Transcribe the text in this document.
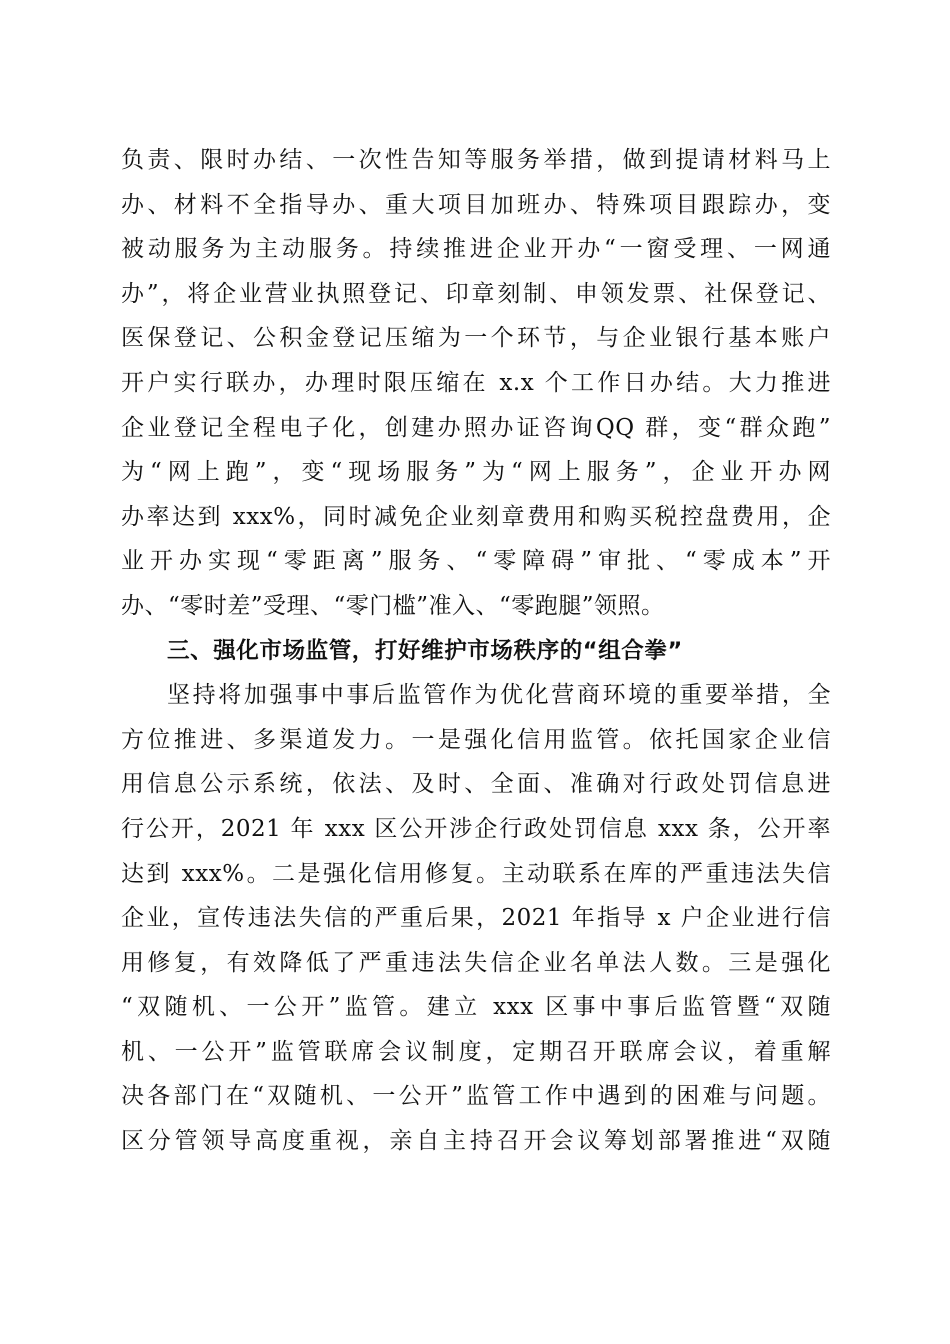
负责、限时办结、一次性告知等服务举措，做到提请材料马上
办、材料不全指导办、重大项目加班办、特殊项目跟踪办，变
被动服务为主动服务。持续推进企业开办“一窗受理、一网通
办”，将企业营业执照登记、印章刻制、申领发票、社保登记、
医保登记、公积金登记压缩为一个环节，与企业银行基本账户
开户实行联办，办理时限压缩在 x.x 个工作日办结。大力推进
企业登记全程电子化，创建办照办证咨询QQ 群，变“群众跑”
为“网上跑”，变“现场服务”为“网上服务”，企业开办网
办率达到 xxx%，同时减免企业刻章费用和购买税控盘费用，企
业开办实现“零距离”服务、“零障碍”审批、“零成本”开
办、“零时差”受理、“零门槛”准入、“零跑腿”领照。
三、强化市场监管，打好维护市场秩序的“组合拳”
坚持将加强事中事后监管作为优化营商环境的重要举措，全
方位推进、多渠道发力。一是强化信用监管。依托国家企业信
用信息公示系统，依法、及时、全面、准确对行政处罚信息进
行公开，2021 年 xxx 区公开涉企行政处罚信息 xxx 条，公开率
达到 xxx%。二是强化信用修复。主动联系在库的严重违法失信
企业，宣传违法失信的严重后果，2021 年指导 x 户企业进行信
用修复，有效降低了严重违法失信企业名单法人数。三是强化
“双随机、一公开”监管。建立 xxx 区事中事后监管暨“双随
机、一公开”监管联席会议制度，定期召开联席会议，着重解
决各部门在“双随机、一公开”监管工作中遇到的困难与问题。
区分管领导高度重视，亲自主持召开会议筹划部署推进“双随
